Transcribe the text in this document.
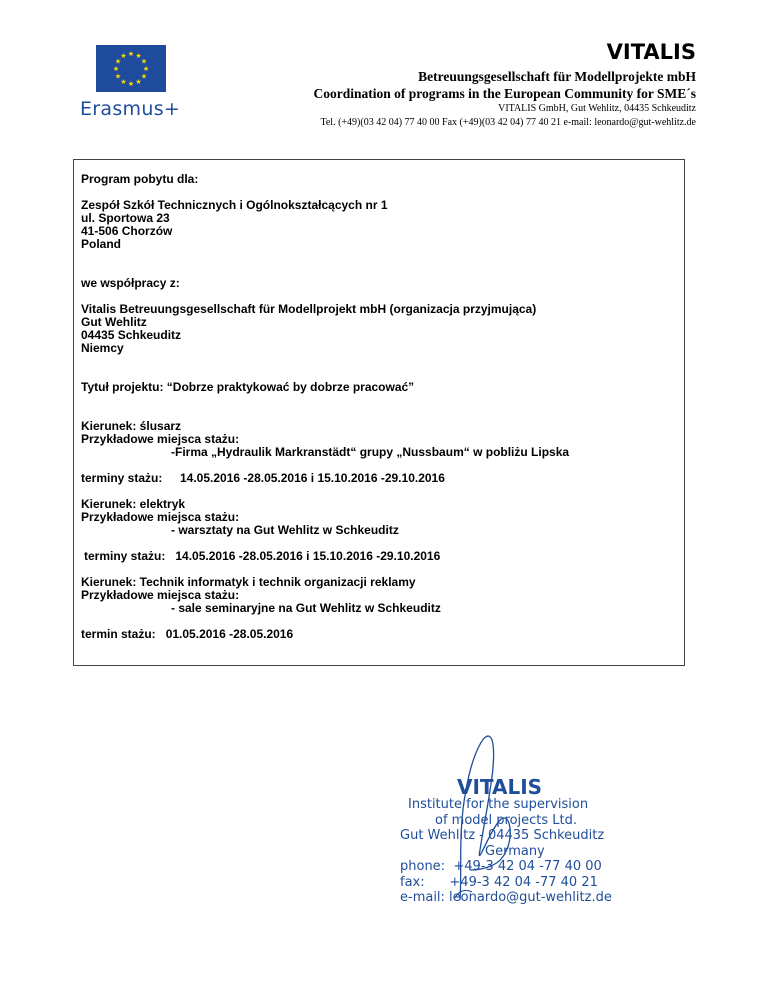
★ ★
★
★
★
★
★
★
★
★
★
★
Erasmus+
VITALIS
Betreuungsgesellschaft für Modellprojekte mbH
Coordination of programs in the European Community for SME´s
VITALIS GmbH, Gut Wehlitz, 04435 Schkeuditz
Tel. (+49)(03 42 04) 77 40 00 Fax (+49)(03 42 04) 77 40 21 e-mail: leonardo@gut-wehlitz.de
Program pobytu dla:
Zespół Szkół Technicznych i Ogólnokształcących nr 1
ul. Sportowa 23
41-506 Chorzów
Poland
we współpracy z:
Vitalis Betreuungsgesellschaft für Modellprojekt mbH (organizacja przyjmująca)
Gut Wehlitz
04435 Schkeuditz
Niemcy
Tytuł projektu: “Dobrze praktykować by dobrze pracować”
Kierunek: ślusarz
Przykładowe miejsca stażu:
-Firma „Hydraulik Markranstädt“ grupy „Nussbaum“ w pobliżu Lipska
terminy stażu: 14.05.2016 -28.05.2016 i 15.10.2016 -29.10.2016
Kierunek: elektryk
Przykładowe miejsca stażu:
- warsztaty na Gut Wehlitz w Schkeuditz
terminy stażu: 14.05.2016 -28.05.2016 i 15.10.2016 -29.10.2016
Kierunek: Technik informatyk i technik organizacji reklamy
Przykładowe miejsca stażu:
- sale seminaryjne na Gut Wehlitz w Schkeuditz
termin stażu: 01.05.2016 -28.05.2016
VITALIS
Institute for the supervision
of model projects Ltd.
Gut Wehlitz - 04435 Schkeuditz
Germany
phone:  +49-3 42 04 -77 40 00
fax:      +49-3 42 04 -77 40 21
e-mail: leonardo@gut-wehlitz.de
